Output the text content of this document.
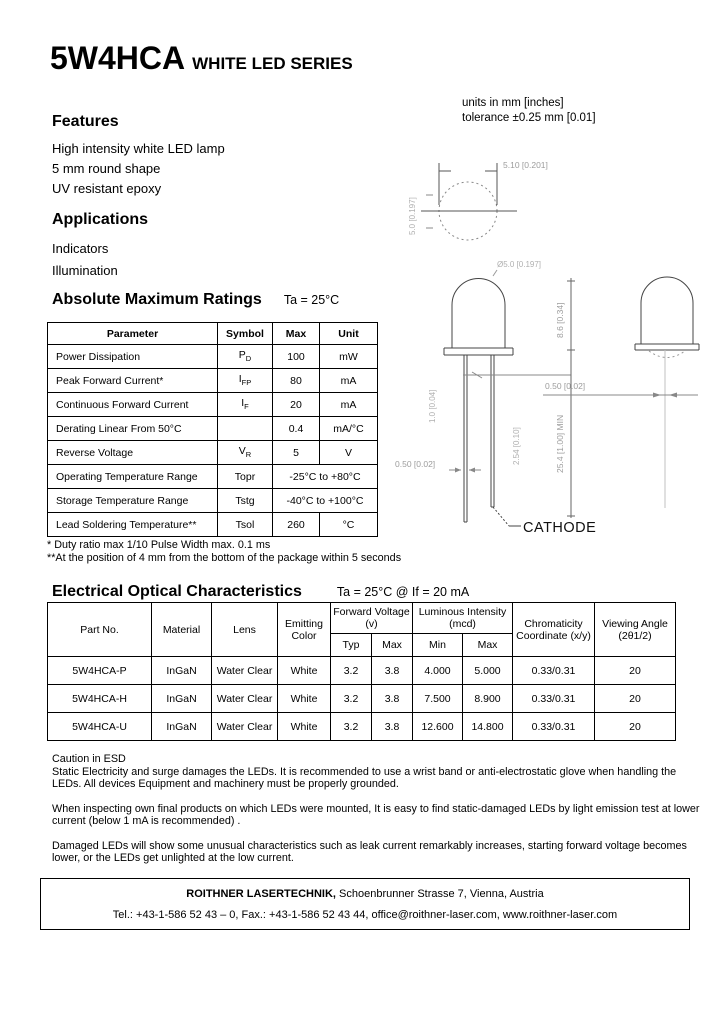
5W4HCA WHITE LED SERIES
units in mm [inches]
tolerance ±0.25 mm [0.01]
Features
High intensity white LED lamp
5 mm round shape
UV resistant epoxy
Applications
Indicators
Illumination
Absolute Maximum Ratings Ta = 25°C
Parameter	Symbol	Max	Unit
Power Dissipation	$P_D$	100	mW
Peak Forward Current*	$I_{FP}$	80	mA
Continuous Forward Current	$I_F$	20	mA
Derating Linear From 50°C		0.4	mA/°C
Reverse Voltage	$V_R$	5	V
Operating Temperature Range	Topr	-25°C to +80°C	
Storage Temperature Range	Tstg	-40°C to +100°C	
Lead Soldering Temperature**	Tsol	260	°C
* Duty ratio max 1/10 Pulse Width max. 0.1 ms
**At the position of 4 mm from the bottom of the package within 5 seconds
Electrical Optical Characteristics	Ta = 25°C @ If = 20 mA
Part No.	Material	Lens	Emitting Color	Forward Voltage (v)		Luminous Intensity (mcd)		Chromaticity Coordinate (x/y)	Viewing Angle (2θ1/2)
				Typ	Max	Min	Max		
5W4HCA-P	InGaN	Water Clear	White	3.2	3.8	4.000	5.000	0.33/0.31	20
5W4HCA-H	InGaN	Water Clear	White	3.2	3.8	7.500	8.900	0.33/0.31	20
5W4HCA-U	InGaN	Water Clear	White	3.2	3.8	12.600	14.800	0.33/0.31	20

Caution in ESD

Static Electricity and surge damages the LEDs. It is recommended to use a wrist band or anti-electrostatic glove when handling the LEDs. All devices Equipment and machinery must be properly grounded.

When inspecting own final products on which LEDs were mounted, It is easy to find static-damaged LEDs by light emission test at lower current (below 1 mA is recommended) .

Damaged LEDs will show some unusual characteristics such as leak current remarkably increases, starting forward voltage becomes lower, or the LEDs get unlighted at the low current.

ROITHNER LASERTECHNIK, Schoenbrunner Strasse 7, Vienna, Austria
Tel.: +43-1-586 52 43 – 0, Fax.: +43-1-586 52 43 44, office@roithner-laser.com, www.roithner-laser.com
5.10 [0.201]
5.0 [0.197]
Ø5.0 [0.197]
8.6 [0.34]
25.4 [1.00] MIN
0.50 [0.02]
0.50 [0.02]
2.54 [0.10]
1.0 [0.04]
CATHODE
